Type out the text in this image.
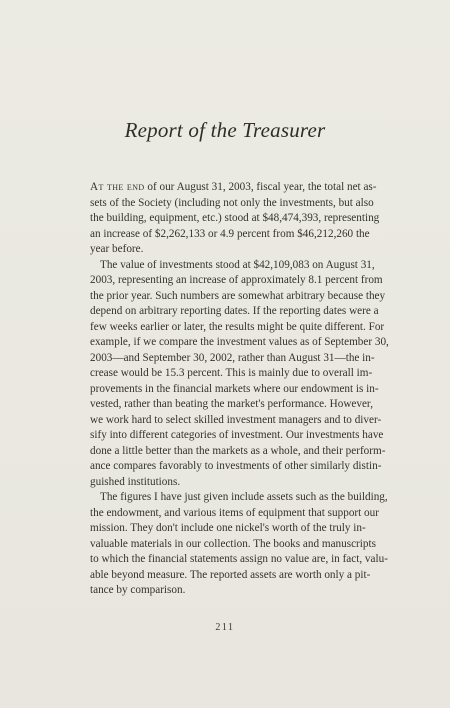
Report of the Treasurer
At the end of our August 31, 2003, fiscal year, the total net as-
sets of the Society (including not only the investments, but also
the building, equipment, etc.) stood at $48,474,393, representing
an increase of $2,262,133 or 4.9 percent from $46,212,260 the
year before.
The value of investments stood at $42,109,083 on August 31,
2003, representing an increase of approximately 8.1 percent from
the prior year. Such numbers are somewhat arbitrary because they
depend on arbitrary reporting dates. If the reporting dates were a
few weeks earlier or later, the results might be quite different. For
example, if we compare the investment values as of September 30,
2003—and September 30, 2002, rather than August 31—the in-
crease would be 15.3 percent. This is mainly due to overall im-
provements in the financial markets where our endowment is in-
vested, rather than beating the market's performance. However,
we work hard to select skilled investment managers and to diver-
sify into different categories of investment. Our investments have
done a little better than the markets as a whole, and their perform-
ance compares favorably to investments of other similarly distin-
guished institutions.
The figures I have just given include assets such as the building,
the endowment, and various items of equipment that support our
mission. They don't include one nickel's worth of the truly in-
valuable materials in our collection. The books and manuscripts
to which the financial statements assign no value are, in fact, valu-
able beyond measure. The reported assets are worth only a pit-
tance by comparison.
211
